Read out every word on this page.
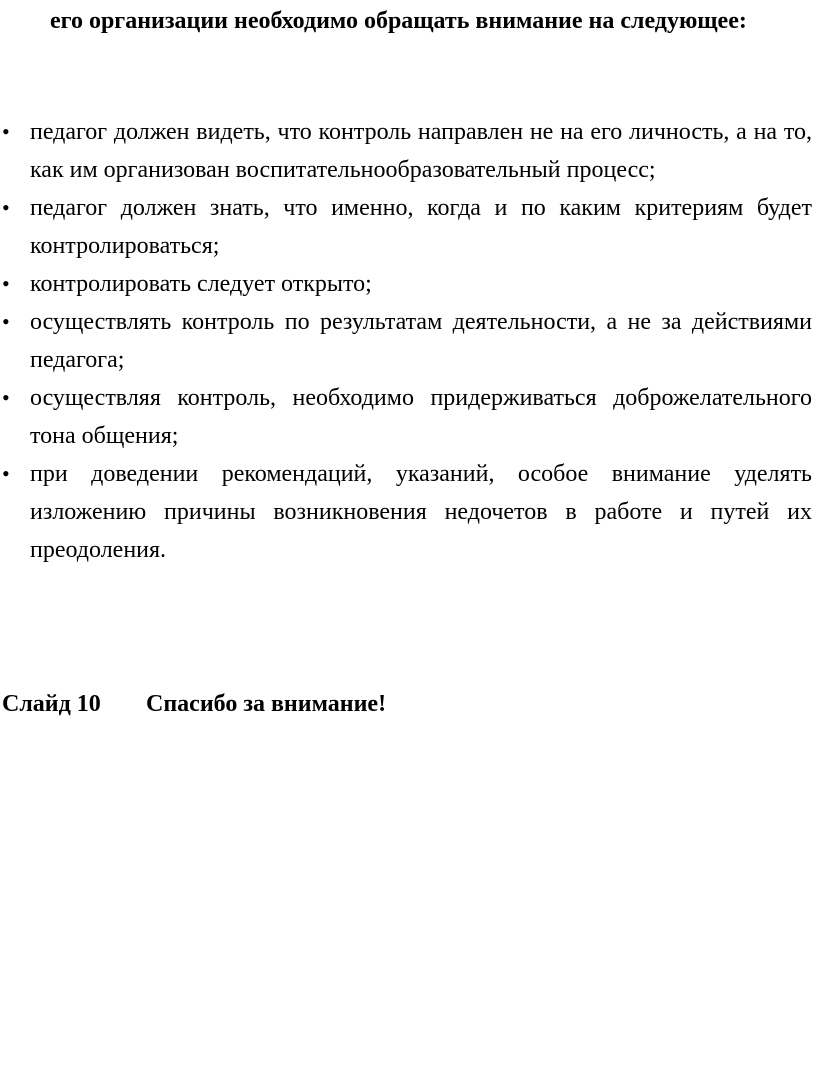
его организации необходимо обращать внимание на следующее:

• педагог должен видеть, что контроль направлен не на его личность, а на то, как им организован воспитательнообразовательный процесс;
• педагог должен знать, что именно, когда и по каким критериям будет контролироваться;
• контролировать следует открыто;
• осуществлять контроль по результатам деятельности, а не за действиями педагога;
• осуществляя контроль, необходимо придерживаться доброжелательного тона общения;
• при доведении рекомендаций, указаний, особое внимание уделять изложению причины возникновения недочетов в работе и путей их преодоления.

Слайд 10 Спасибо за внимание!
